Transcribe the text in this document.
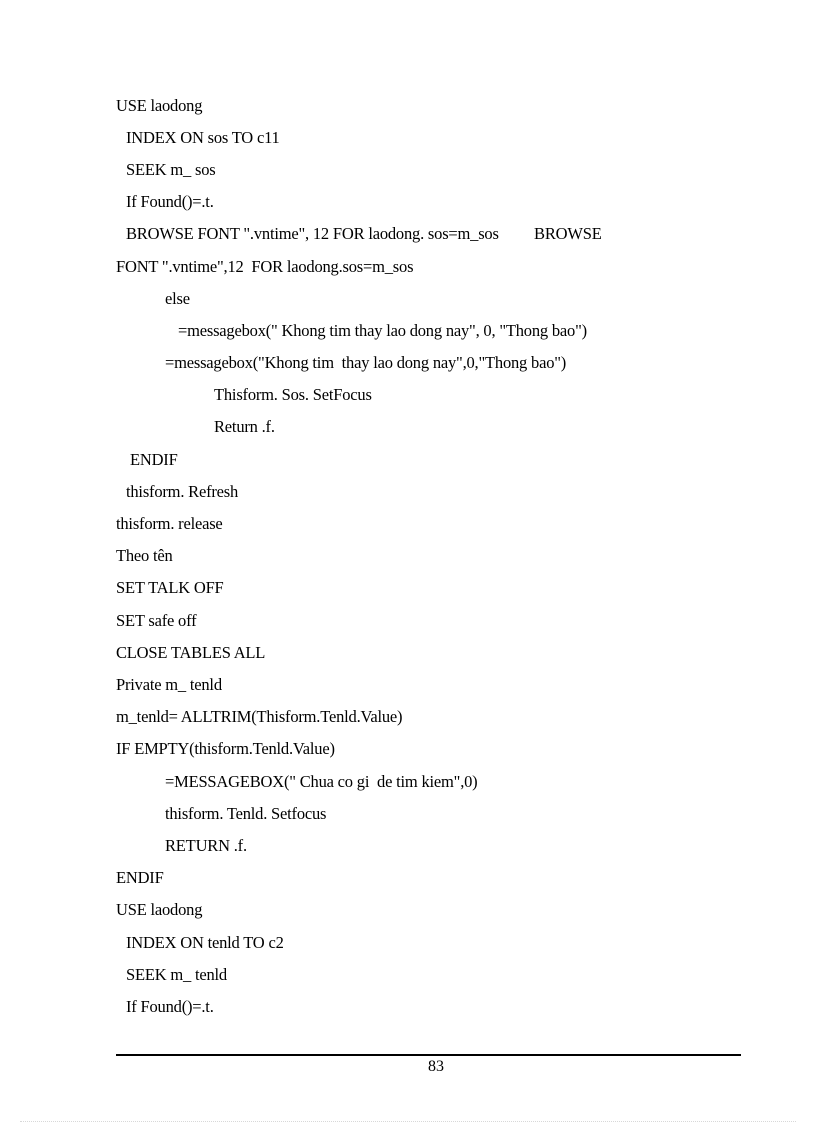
USE laodong
INDEX ON sos TO c11
SEEK m_ sos
If Found()=.t.
BROWSE FONT ".vntime", 12 FOR laodong. sos=m_sos         BROWSE
FONT ".vntime",12  FOR laodong.sos=m_sos
else
=messagebox(" Khong tim thay lao dong nay", 0, "Thong bao")
=messagebox("Khong tim  thay lao dong nay",0,"Thong bao")
Thisform. Sos. SetFocus
Return .f.
ENDIF
thisform. Refresh
thisform. release
Theo tên
SET TALK OFF
SET safe off
CLOSE TABLES ALL
Private m_ tenld
m_tenld= ALLTRIM(Thisform.Tenld.Value)
IF EMPTY(thisform.Tenld.Value)
=MESSAGEBOX(" Chua co gi  de tim kiem",0)
thisform. Tenld. Setfocus
RETURN .f.
ENDIF
USE laodong
INDEX ON tenld TO c2
SEEK m_ tenld
If Found()=.t.
83
